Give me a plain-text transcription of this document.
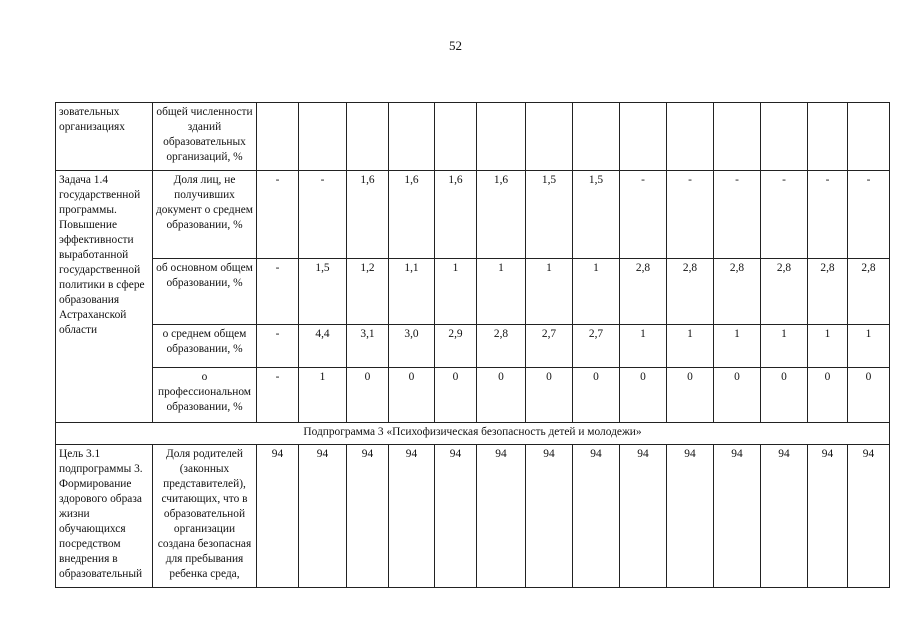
52
зовательных организациях	общей численности зданий образовательных организаций, %														
Задача 1.4 государственной программы. Повышение эффективности выработанной государственной политики в сфере образования Астраханской области	Доля лиц, не получивших документ о среднем образовании, %	-	-	1,6	1,6	1,6	1,6	1,5	1,5	-	-	-	-	-	-
	об основном общем образовании, %	-	1,5	1,2	1,1	1	1	1	1	2,8	2,8	2,8	2,8	2,8	2,8
	о среднем общем образовании, %	-	4,4	3,1	3,0	2,9	2,8	2,7	2,7	1	1	1	1	1	1
	о профессиональном образовании, %	-	1	0	0	0	0	0	0	0	0	0	0	0	0
Подпрограмма 3 «Психофизическая безопасность детей и молодежи»															
Цель 3.1 подпрограммы 3. Формирование здорового образа жизни обучающихся посредством внедрения в образовательный	Доля родителей (законных представителей), считающих, что в образовательной организации создана безопасная для пребывания ребенка среда,	94	94	94	94	94	94	94	94	94	94	94	94	94	94
